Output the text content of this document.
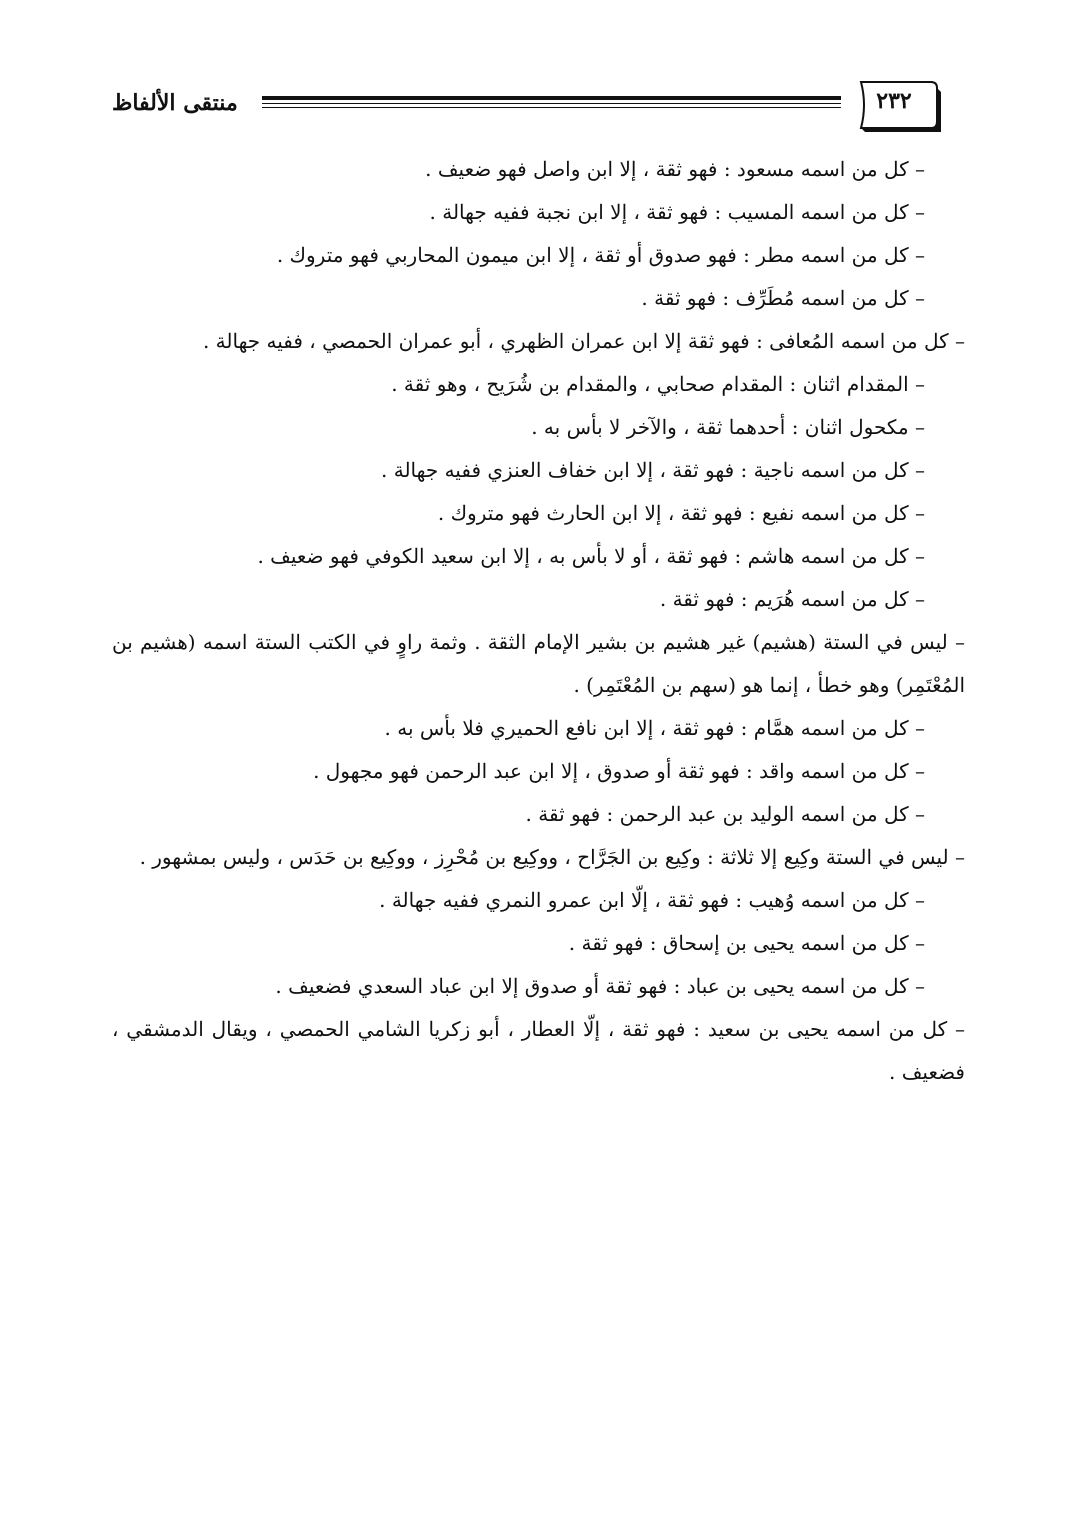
منتقى الألفاظ	٢٣٢

– كل من اسمه مسعود : فهو ثقة ، إلا ابن واصل فهو ضعيف .

– كل من اسمه المسيب : فهو ثقة ، إلا ابن نجبة ففيه جهالة .

– كل من اسمه مطر : فهو صدوق أو ثقة ، إلا ابن ميمون المحاربي فهو متروك .

– كل من اسمه مُطَرِّف : فهو ثقة .

– كل من اسمه المُعافى : فهو ثقة إلا ابن عمران الظهري ، أبو عمران الحمصي ، ففيه جهالة .

– المقدام اثنان : المقدام صحابي ، والمقدام بن شُرَيح ، وهو ثقة .

– مكحول اثنان : أحدهما ثقة ، والآخر لا بأس به .

– كل من اسمه ناجية : فهو ثقة ، إلا ابن خفاف العنزي ففيه جهالة .

– كل من اسمه نفيع : فهو ثقة ، إلا ابن الحارث فهو متروك .

– كل من اسمه هاشم : فهو ثقة ، أو لا بأس به ، إلا ابن سعيد الكوفي فهو ضعيف .

– كل من اسمه هُرَيم : فهو ثقة .

– ليس في الستة (هشيم) غير هشيم بن بشير الإمام الثقة . وثمة راوٍ في الكتب الستة اسمه (هشيم بن المُعْتَمِر) وهو خطأ ، إنما هو (سهم بن المُعْتَمِر) .

– كل من اسمه همَّام : فهو ثقة ، إلا ابن نافع الحميري فلا بأس به .

– كل من اسمه واقد : فهو ثقة أو صدوق ، إلا ابن عبد الرحمن فهو مجهول .

– كل من اسمه الوليد بن عبد الرحمن : فهو ثقة .

– ليس في الستة وكِيع إلا ثلاثة : وكِيع بن الجَرَّاح ، ووكِيع بن مُحْرِز ، ووكِيع بن حَدَس ، وليس بمشهور .

– كل من اسمه وُهيب : فهو ثقة ، إلّا ابن عمرو النمري ففيه جهالة .

– كل من اسمه يحيى بن إسحاق : فهو ثقة .

– كل من اسمه يحيى بن عباد : فهو ثقة أو صدوق إلا ابن عباد السعدي فضعيف .

– كل من اسمه يحيى بن سعيد : فهو ثقة ، إلّا العطار ، أبو زكريا الشامي الحمصي ، ويقال الدمشقي ، فضعيف .
